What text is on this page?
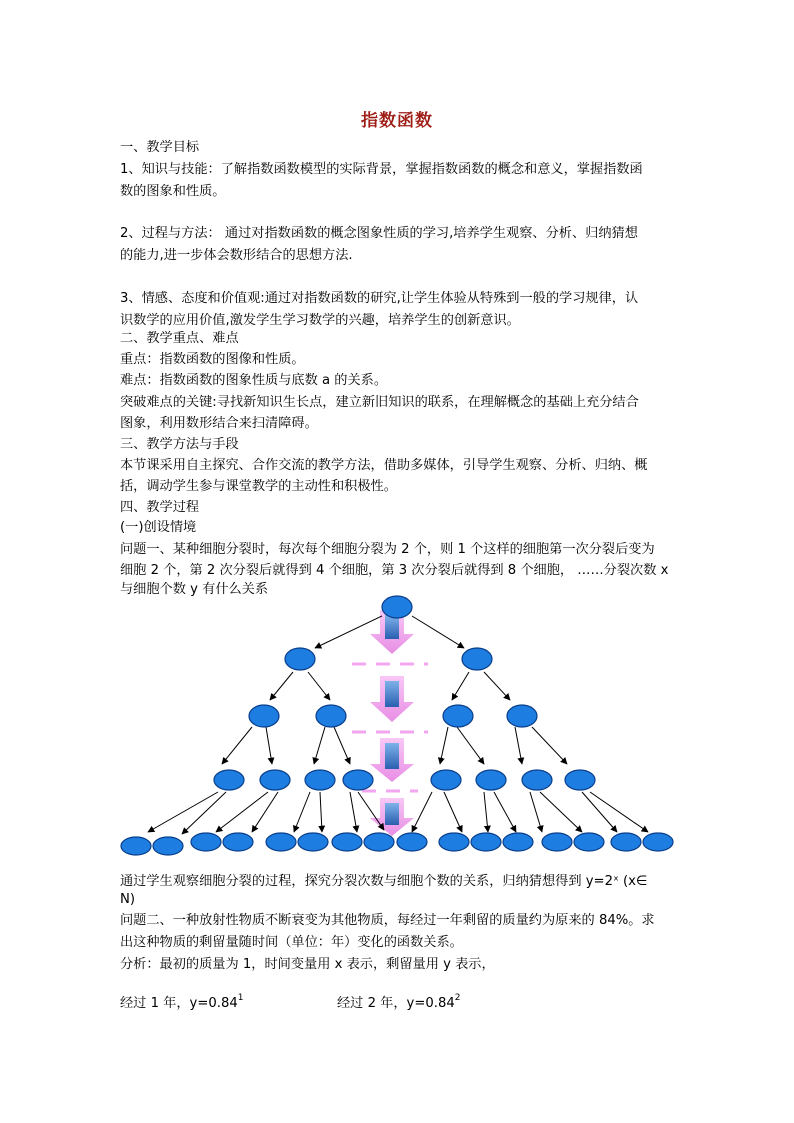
指数函数
一、教学目标
1、知识与技能：了解指数函数模型的实际背景，掌握指数函数的概念和意义，掌握指数函
数的图象和性质。
2、过程与方法： 通过对指数函数的概念图象性质的学习,培养学生观察、分析、归纳猜想
的能力,进一步体会数形结合的思想方法.
3、情感、态度和价值观:通过对指数函数的研究,让学生体验从特殊到一般的学习规律，认
识数学的应用价值,激发学生学习数学的兴趣，培养学生的创新意识。
二、教学重点、难点
重点：指数函数的图像和性质。
难点：指数函数的图象性质与底数 a 的关系。
突破难点的关键:寻找新知识生长点，建立新旧知识的联系，在理解概念的基础上充分结合
图象，利用数形结合来扫清障碍。
三、教学方法与手段
本节课采用自主探究、合作交流的教学方法，借助多媒体，引导学生观察、分析、归纳、概
括，调动学生参与课堂教学的主动性和积极性。
四、教学过程
(一)创设情境
问题一、某种细胞分裂时，每次每个细胞分裂为 2 个，则 1 个这样的细胞第一次分裂后变为
细胞 2 个，第 2 次分裂后就得到 4 个细胞，第 3 次分裂后就得到 8 个细胞， ……分裂次数 x
与细胞个数 y 有什么关系
通过学生观察细胞分裂的过程，探究分裂次数与细胞个数的关系，归纳猜想得到 y=2ˣ (x∈
N)
问题二、一种放射性物质不断衰变为其他物质，每经过一年剩留的质量约为原来的 84%。求
出这种物质的剩留量随时间（单位：年）变化的函数关系。
分析：最初的质量为 1，时间变量用 x 表示，剩留量用 y 表示，
经过 1 年，$y=0.84^1$	经过 2 年，$y=0.84^2$
